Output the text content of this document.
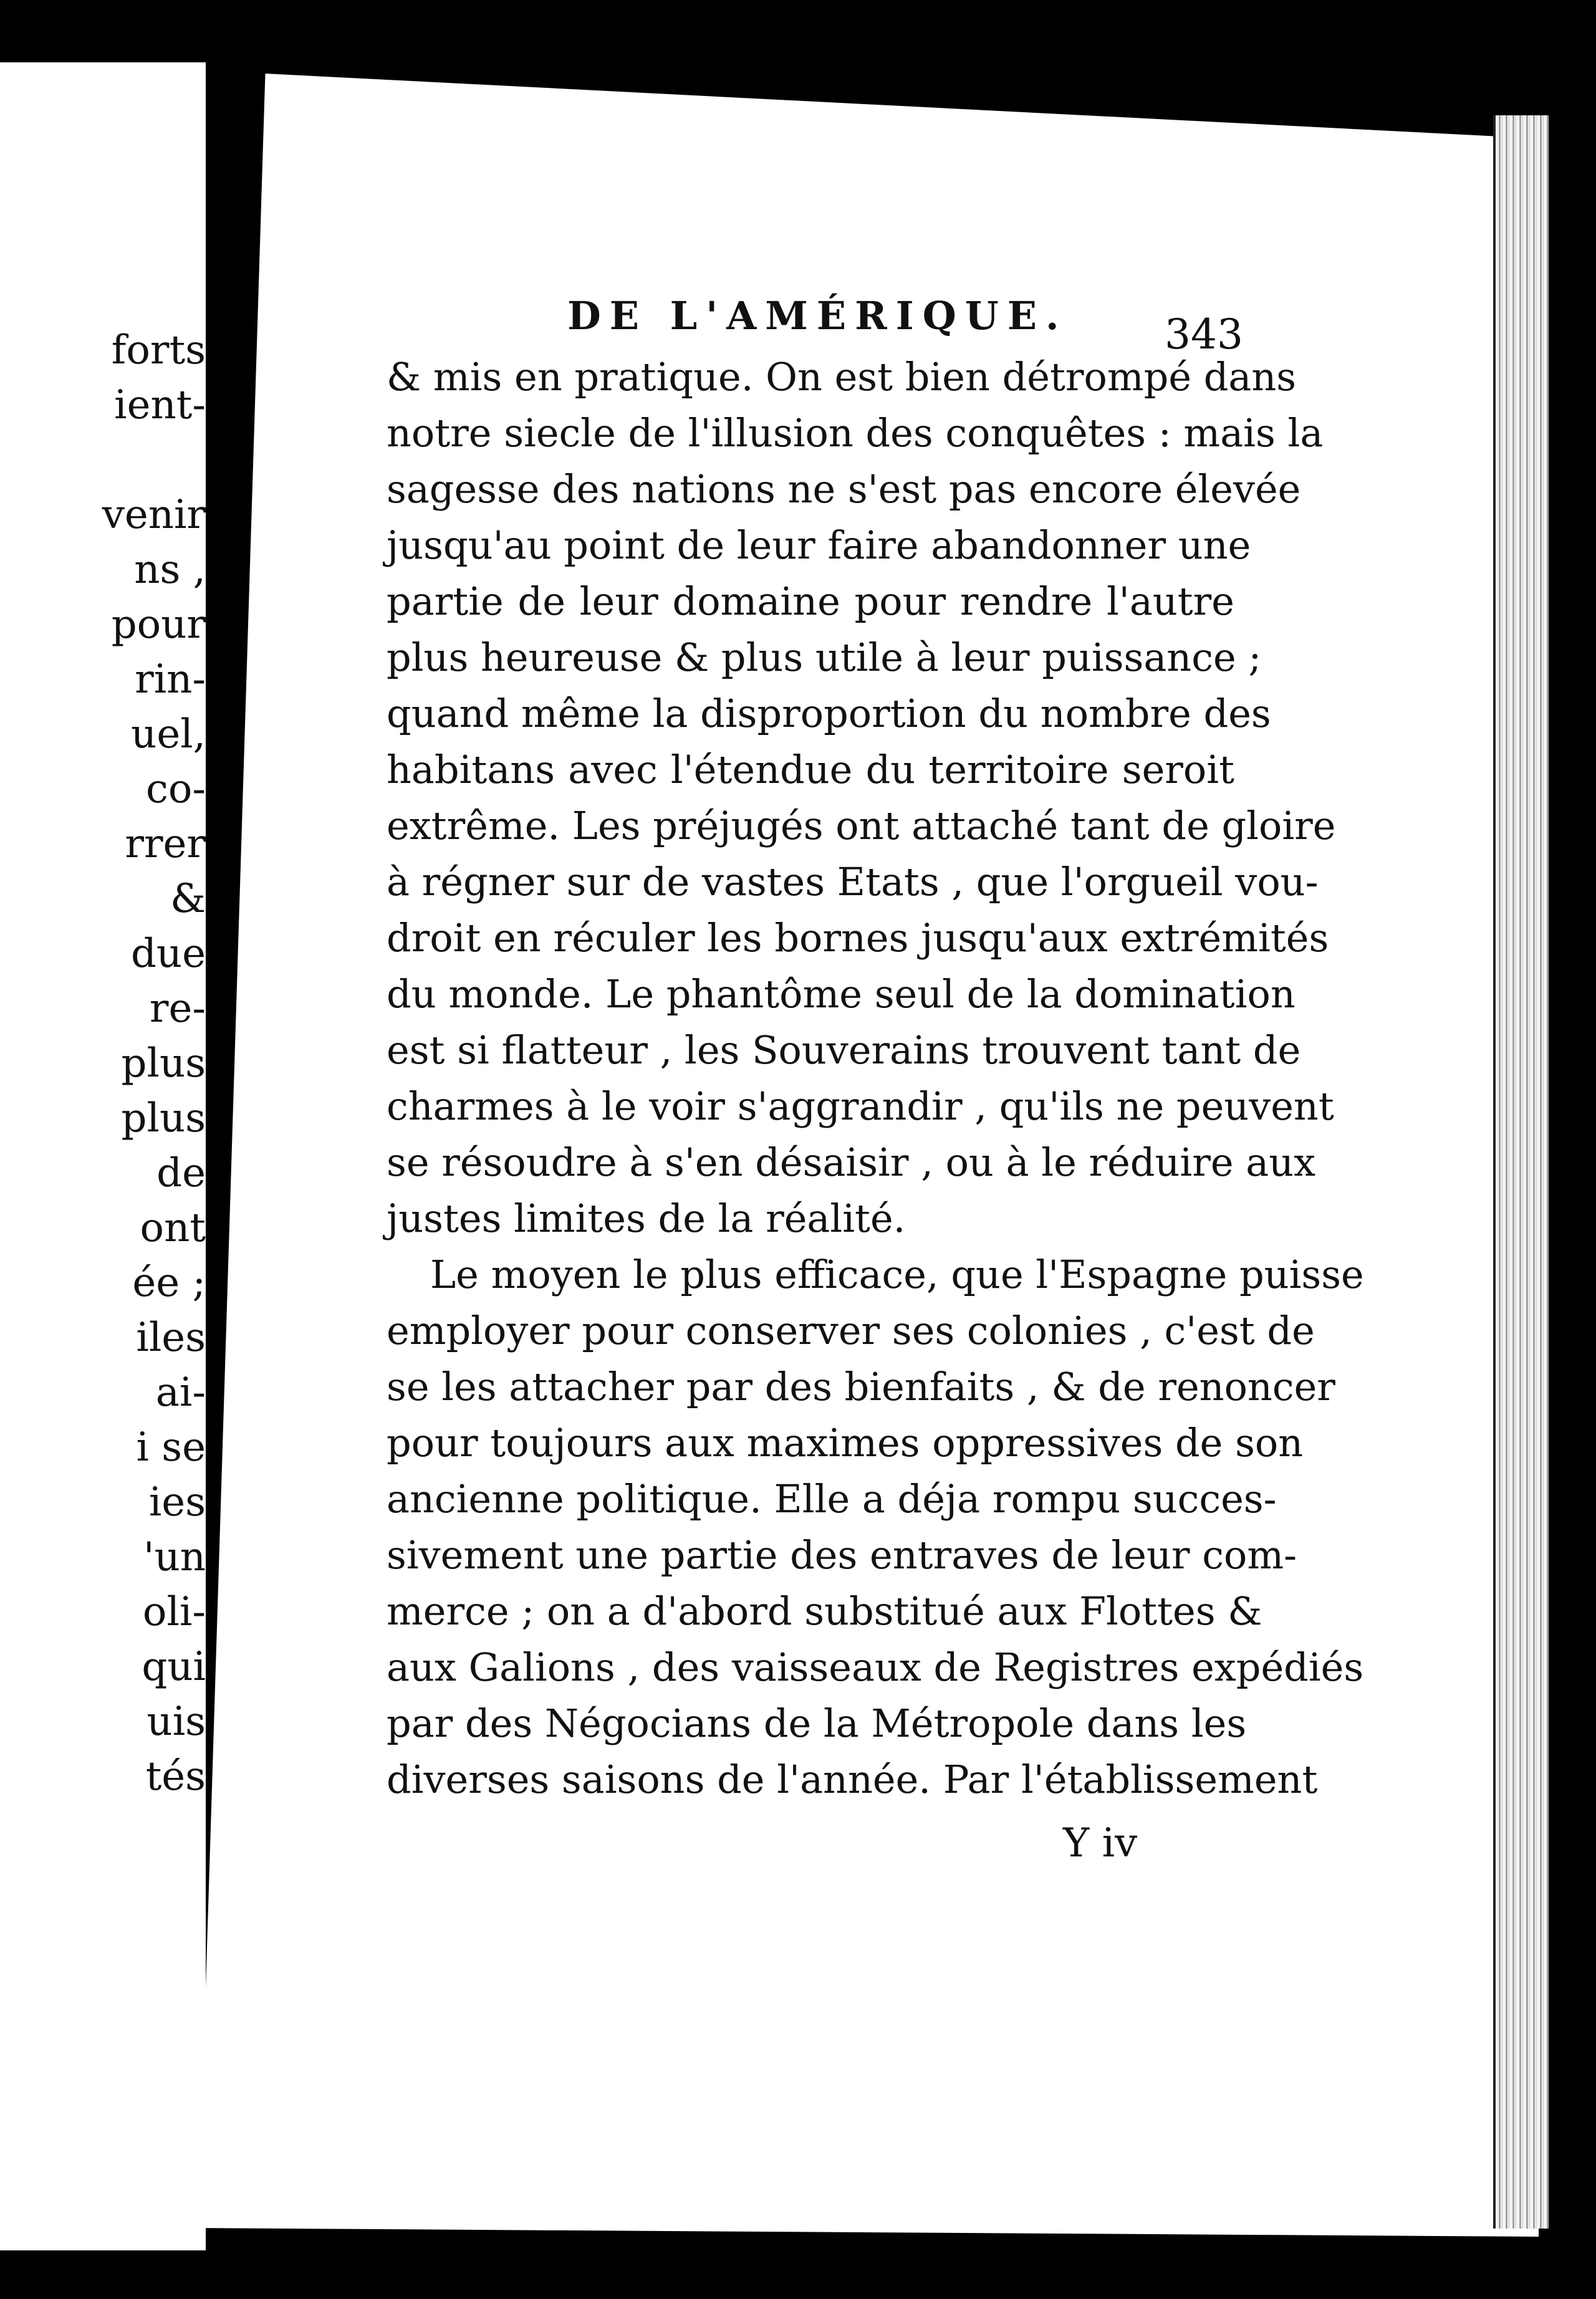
forts
ient-
venir
ns ,
pour
rin-
uel,
co-
rrer
&
due
re-
plus
plus
de
ont
ée ;
iles
ai-
i se
ies
'un
oli-
qui
uis
tés
DE L'AMÉRIQUE. 343
& mis en pratique. On est bien détrompé dans
notre siecle de l'illusion des conquêtes : mais la
sagesse des nations ne s'est pas encore élevée
jusqu'au point de leur faire abandonner une
partie de leur domaine pour rendre l'autre
plus heureuse & plus utile à leur puissance ;
quand même la disproportion du nombre des
habitans avec l'étendue du territoire seroit
extrême. Les préjugés ont attaché tant de gloire
à régner sur de vastes Etats , que l'orgueil vou-
droit en réculer les bornes jusqu'aux extrémités
du monde. Le phantôme seul de la domination
est si flatteur , les Souverains trouvent tant de
charmes à le voir s'aggrandir , qu'ils ne peuvent
se résoudre à s'en désaisir , ou à le réduire aux
justes limites de la réalité.
Le moyen le plus efficace, que l'Espagne puisse
employer pour conserver ses colonies , c'est de
se les attacher par des bienfaits , & de renoncer
pour toujours aux maximes oppressives de son
ancienne politique. Elle a déja rompu succes-
sivement une partie des entraves de leur com-
merce ; on a d'abord substitué aux Flottes &
aux Galions , des vaisseaux de Registres expédiés
par des Négocians de la Métropole dans les
diverses saisons de l'année. Par l'établissement
Y iv
